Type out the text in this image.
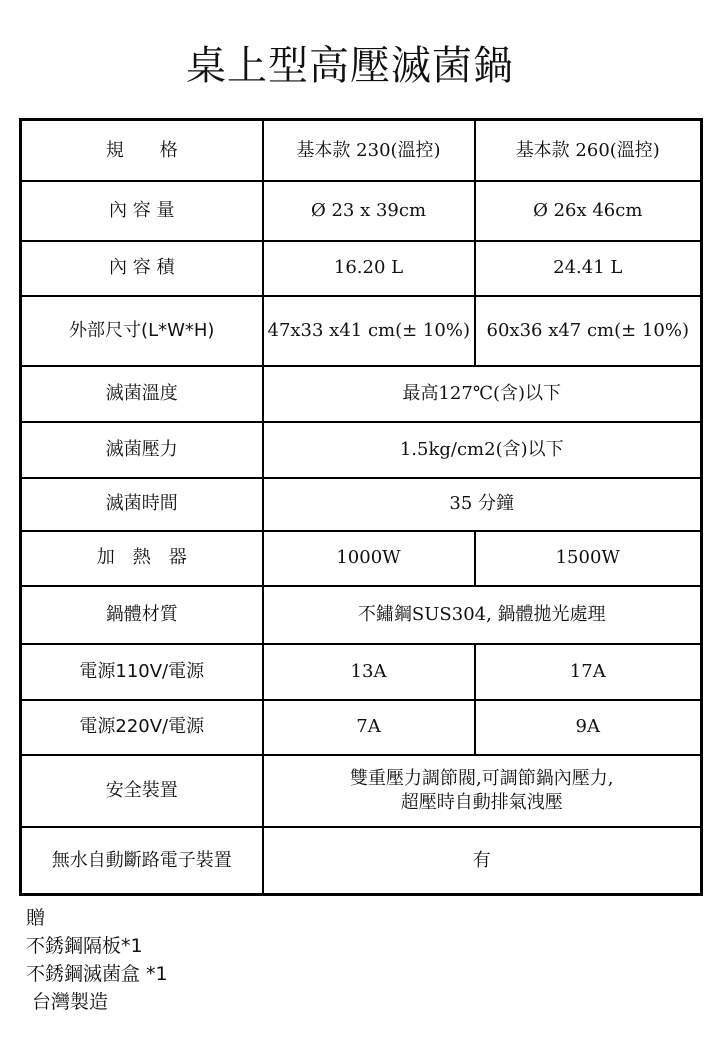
桌上型高壓滅菌鍋
規　　格	基本款 230(溫控)	基本款 260(溫控)
內 容 量	Ø 23 x 39cm	Ø 26x 46cm
內 容 積	16.20 L	24.41 L
外部尺寸(L*W*H)	47x33 x41 cm(± 10%)	60x36 x47 cm(± 10%)
滅菌溫度	最高127℃(含)以下	
滅菌壓力	1.5kg/cm2(含)以下	
滅菌時間	35 分鐘	
加　熱　器	1000W	1500W
鍋體材質	不鏽鋼SUS304, 鍋體拋光處理	
電源110V/電源	13A	17A
電源220V/電源	7A	9A
安全裝置	雙重壓力調節閥,可調節鍋內壓力,
超壓時自動排氣洩壓	

無水自動斷路電子裝置	有	
贈
不銹鋼隔板*1
不銹鋼滅菌盒 *1
台灣製造
